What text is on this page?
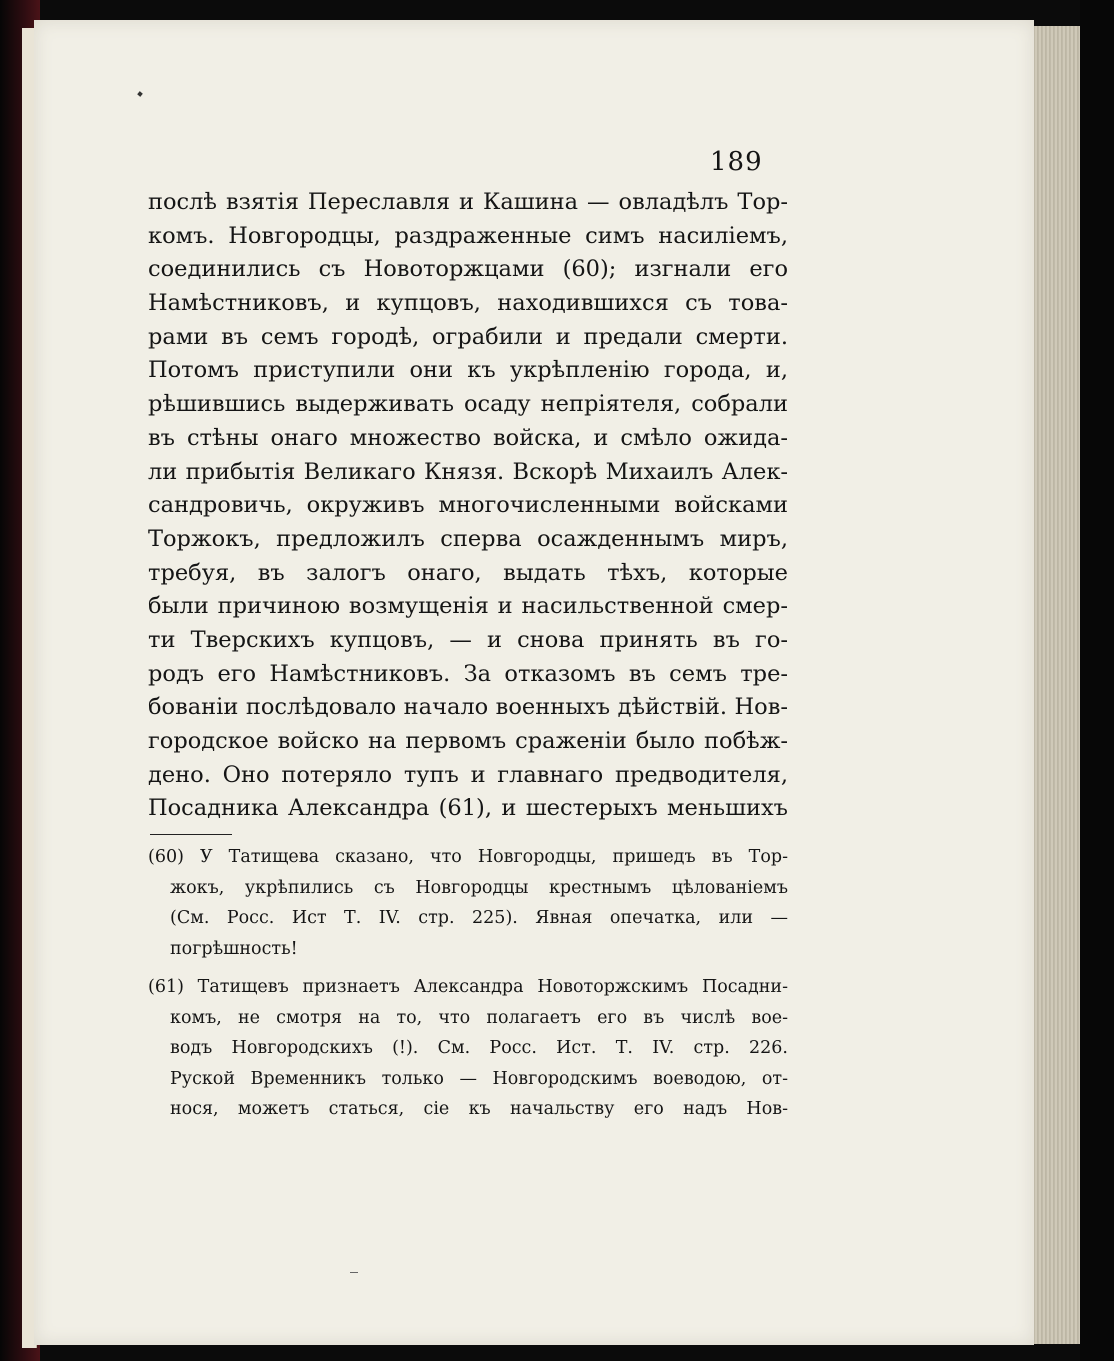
189
послѣ взятія Переславля и Кашина — овладѣлъ Тор-
комъ. Новгородцы, раздраженные симъ насиліемъ,
соединились съ Новоторжцами (60); изгнали его
Намѣстниковъ, и купцовъ, находившихся съ това-
рами въ семъ городѣ, ограбили и предали смерти.
Потомъ приступили они къ укрѣпленію города, и,
рѣшившись выдерживать осаду непріятеля, собрали
въ стѣны онаго множество войска, и смѣло ожида-
ли прибытія Великаго Князя. Вскорѣ Михаилъ Алек-
сандровичь, окруживъ многочисленными войсками
Торжокъ, предложилъ сперва осажденнымъ миръ,
требуя, въ залогъ онаго, выдать тѣхъ, которые
были причиною возмущенія и насильственной смер-
ти Тверскихъ купцовъ, — и снова принять въ го-
родъ его Намѣстниковъ. За отказомъ въ семъ тре-
бованіи послѣдовало начало военныхъ дѣйствій. Нов-
городское войско на первомъ сраженіи было побѣж-
дено. Оно потеряло тупъ и главнаго предводителя,
Посадника Александра (61), и шестерыхъ меньшихъ
(60) У Татищева сказано, что Новгородцы, пришедъ въ Тор-
жокъ, укрѣпились съ Новгородцы крестнымъ цѣлованіемъ
(См. Росс. Ист Т. IV. стр. 225). Явная опечатка, или —
погрѣшность!
(61) Татищевъ признаетъ Александра Новоторжскимъ Посадни-
комъ, не смотря на то, что полагаетъ его въ числѣ вое-
водъ Новгородскихъ (!). См. Росс. Ист. Т. IV. стр. 226.
Руской Временникъ только — Новгородскимъ воеводою, от-
нося, можетъ статься, сіе къ начальству его надъ Нов-
